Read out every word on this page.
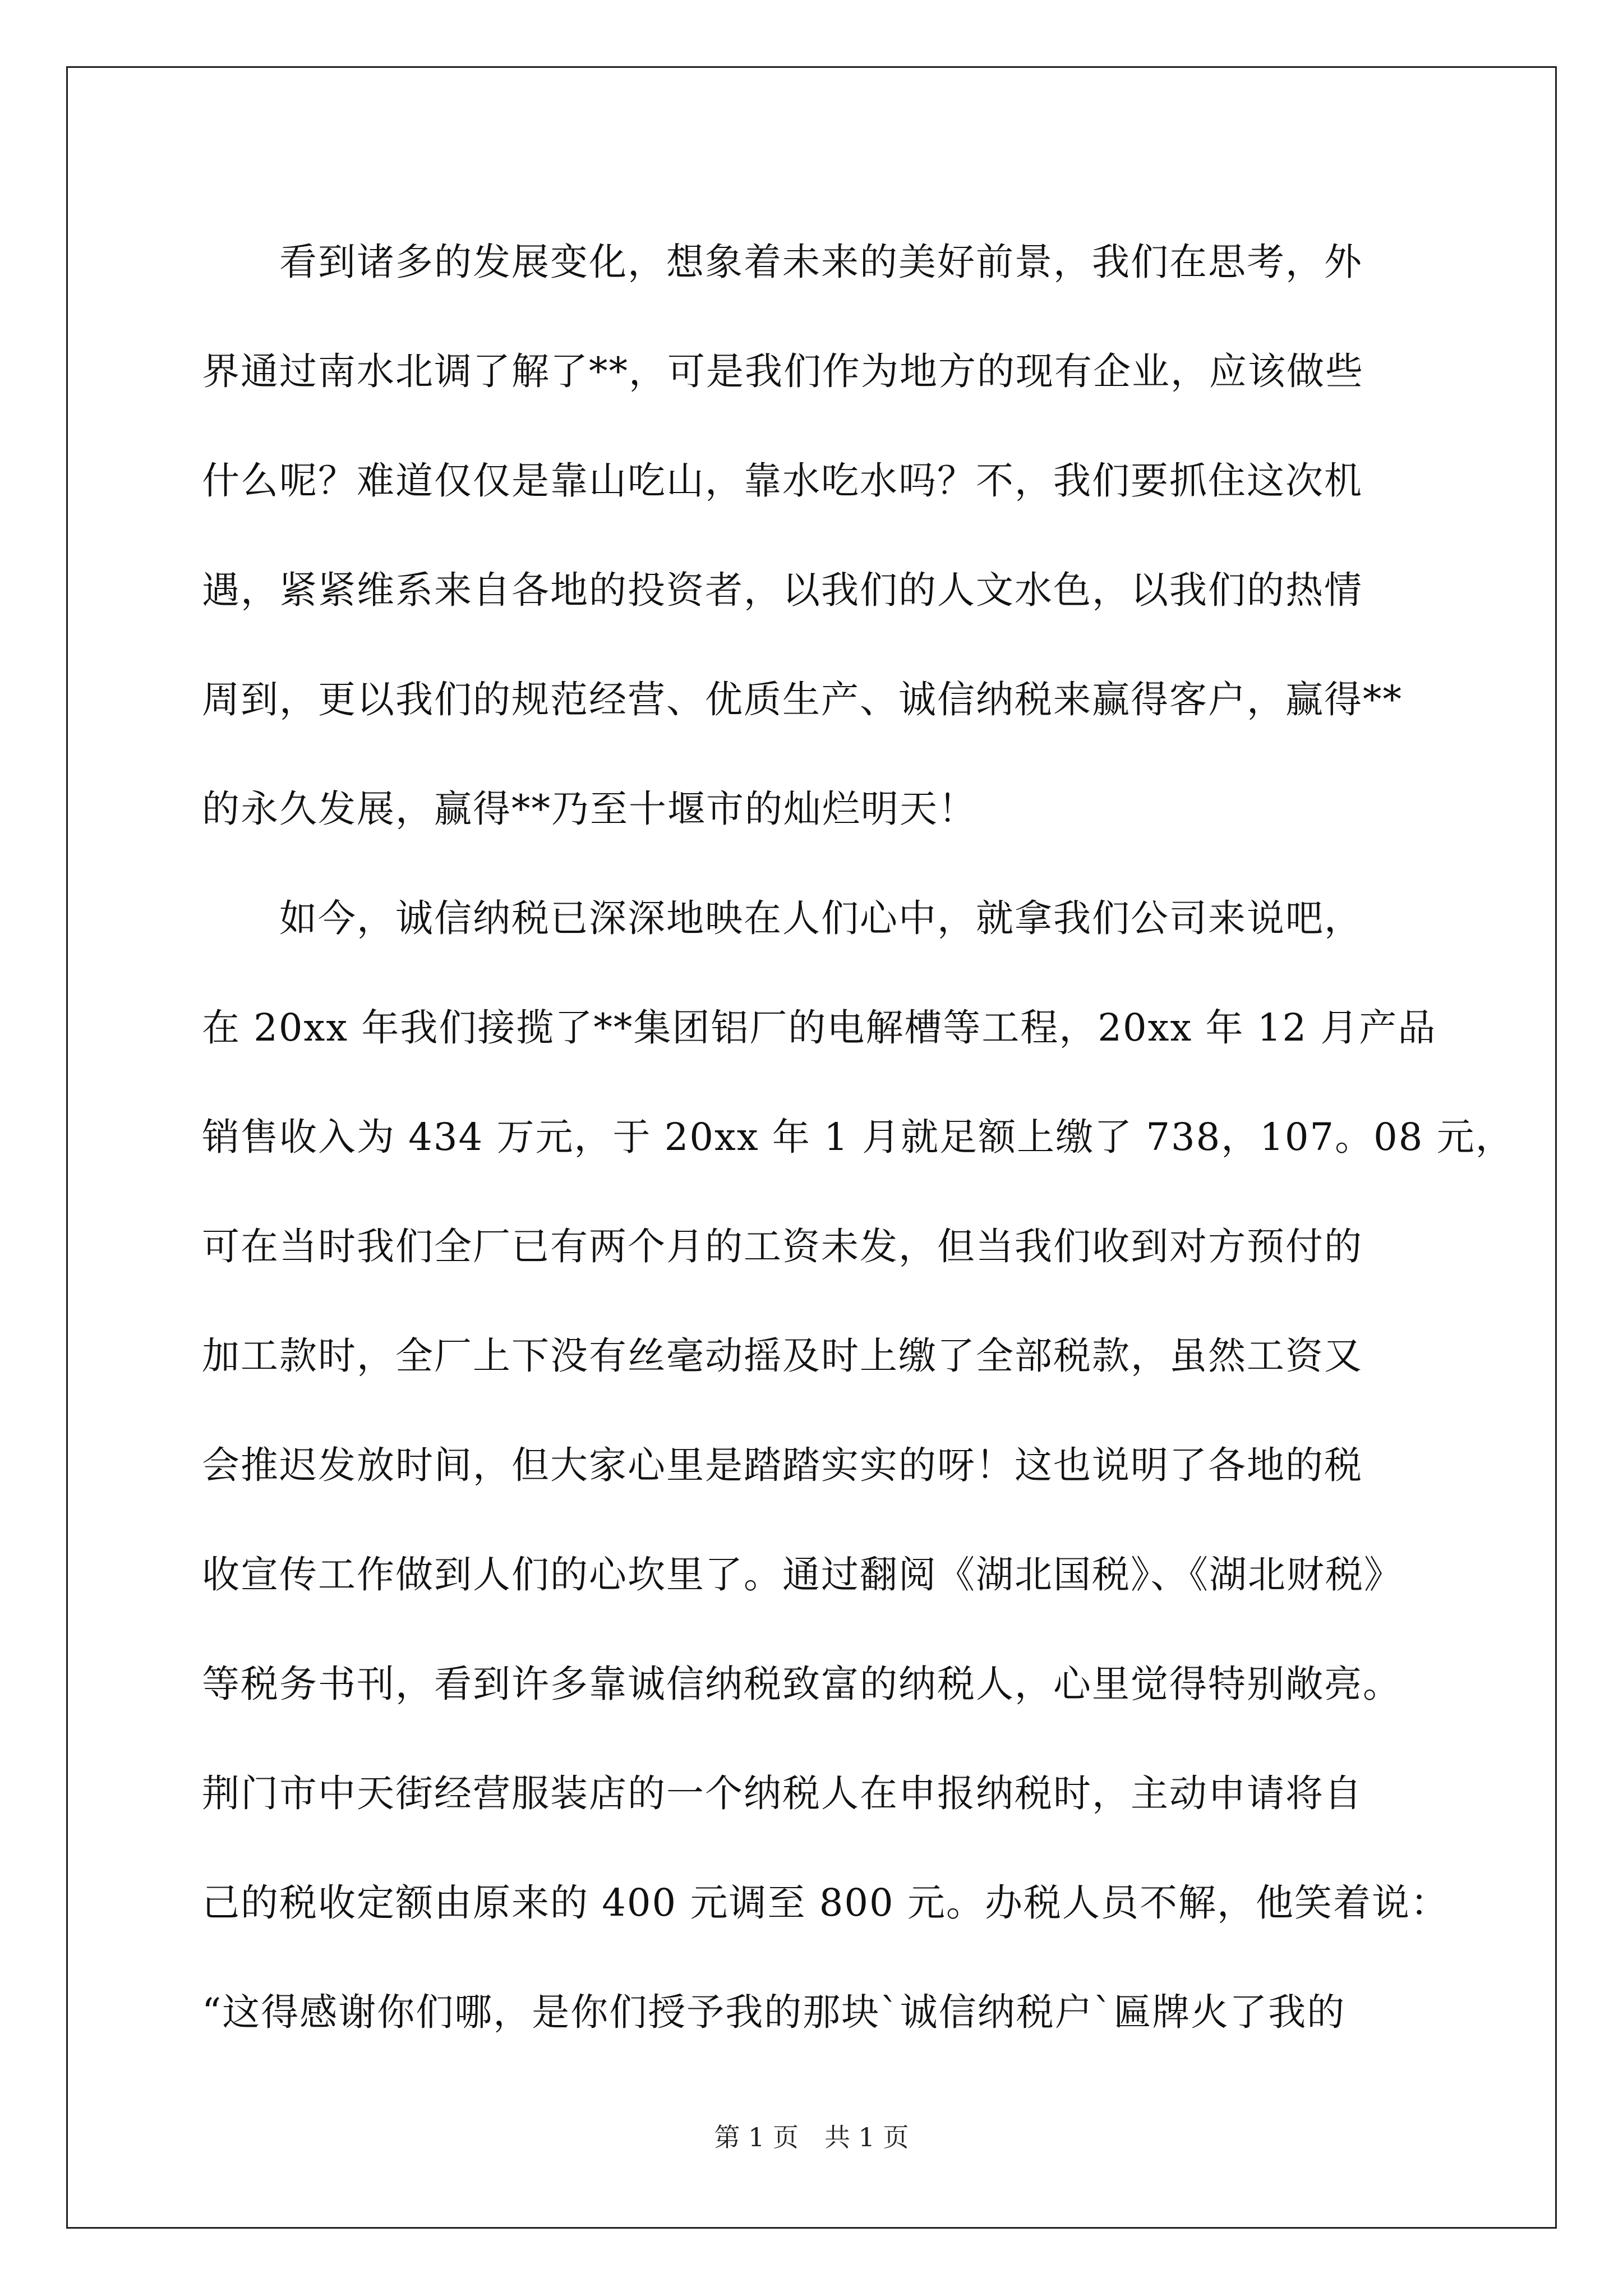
看到诸多的发展变化，想象着未来的美好前景，我们在思考，外
界通过南水北调了解了**，可是我们作为地方的现有企业，应该做些
什么呢？难道仅仅是靠山吃山，靠水吃水吗？不，我们要抓住这次机
遇，紧紧维系来自各地的投资者，以我们的人文水色，以我们的热情
周到，更以我们的规范经营、优质生产、诚信纳税来赢得客户，赢得**
的永久发展，赢得**乃至十堰市的灿烂明天！
如今，诚信纳税已深深地映在人们心中，就拿我们公司来说吧，
在 20xx 年我们接揽了**集团铝厂的电解槽等工程，20xx 年 12 月产品
销售收入为 434 万元，于 20xx 年 1 月就足额上缴了 738，107。08 元，
可在当时我们全厂已有两个月的工资未发，但当我们收到对方预付的
加工款时，全厂上下没有丝毫动摇及时上缴了全部税款，虽然工资又
会推迟发放时间，但大家心里是踏踏实实的呀！这也说明了各地的税
收宣传工作做到人们的心坎里了。通过翻阅《湖北国税》、《湖北财税》
等税务书刊，看到许多靠诚信纳税致富的纳税人，心里觉得特别敞亮。
荆门市中天街经营服装店的一个纳税人在申报纳税时，主动申请将自
己的税收定额由原来的 400 元调至 800 元。办税人员不解，他笑着说：
“这得感谢你们哪，是你们授予我的那块`诚信纳税户`匾牌火了我的
第 1 页　共 1 页
